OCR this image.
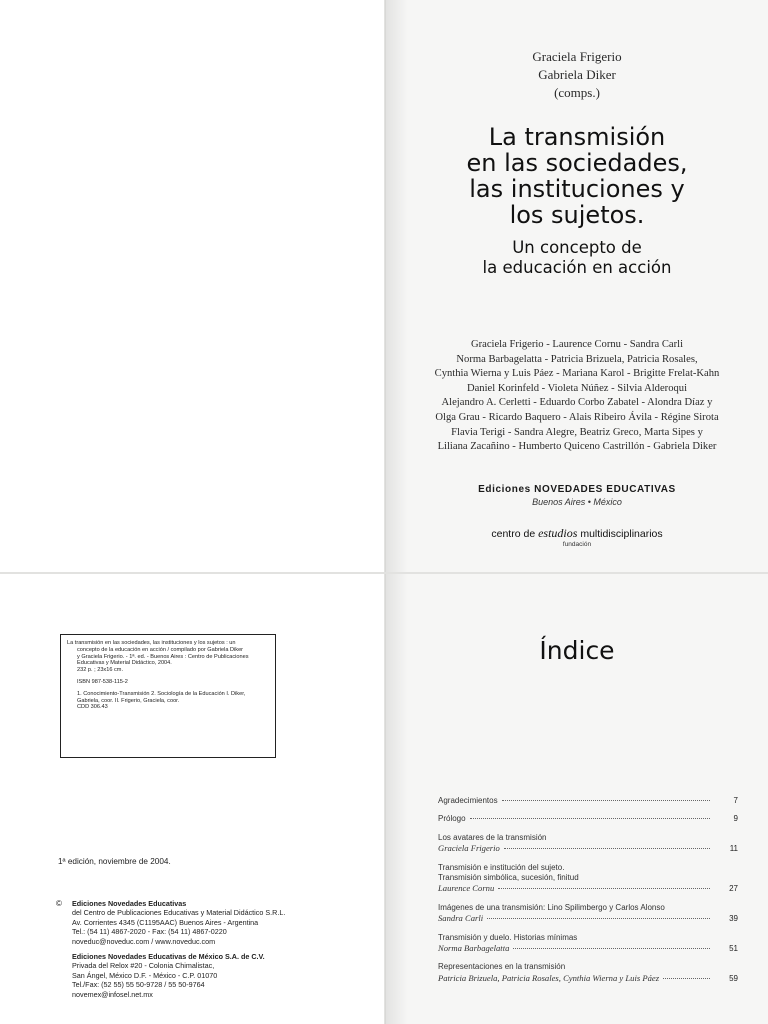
Graciela Frigerio
Gabriela Diker
(comps.)
La transmisión
en las sociedades,
las instituciones y
los sujetos.
Un concepto de
la educación en acción
Graciela Frigerio - Laurence Cornu - Sandra Carli
Norma Barbagelatta - Patricia Brizuela, Patricia Rosales,
Cynthia Wierna y Luis Páez - Mariana Karol - Brigitte Frelat-Kahn
Daniel Korinfeld - Violeta Núñez - Silvia Alderoqui
Alejandro A. Cerletti - Eduardo Corbo Zabatel - Alondra Díaz y
Olga Grau - Ricardo Baquero - Alais Ribeiro Ávila - Régine Sirota
Flavia Terigi - Sandra Alegre, Beatriz Greco, Marta Sipes y
Liliana Zacañino - Humberto Quiceno Castrillón - Gabriela Diker
Ediciones NOVEDADES EDUCATIVAS
Buenos Aires • México
centro de estudios multidisciplinarios
fundación
La transmisión en las sociedades, las instituciones y los sujetos : un
concepto de la educación en acción / compilado por Gabriela Diker
y Graciela Frigerio. - 1ª. ed. - Buenos Aires : Centro de Publicaciones
Educativas y Material Didáctico, 2004.
232 p. ; 23x16 cm.
ISBN 987-538-115-2
1. Conocimiento-Transmisión 2. Sociología de la Educación I. Diker,
Gabriela, coor. II. Frigerio, Graciela, coor.
CDD 306.43
1ª edición, noviembre de 2004.
© Ediciones Novedades Educativas
del Centro de Publicaciones Educativas y Material Didáctico S.R.L.
Av. Corrientes 4345 (C1195AAC) Buenos Aires - Argentina
Tel.: (54 11) 4867-2020 - Fax: (54 11) 4867-0220
noveduc@noveduc.com / www.noveduc.com
Ediciones Novedades Educativas de México S.A. de C.V.
Privada del Relox #20 - Colonia Chimalistac,
San Ángel, México D.F. - México - C.P. 01070
Tel./Fax: (52 55) 55 50-9728 / 55 50-9764
novemex@infosel.net.mx
Índice
Agradecimientos	7
Prólogo	9
Los avatares de la transmisión
Graciela Frigerio	11
Transmisión e institución del sujeto.
Transmisión simbólica, sucesión, finitud
Laurence Cornu	27
Imágenes de una transmisión: Lino Spilimbergo y Carlos Alonso
Sandra Carli	39
Transmisión y duelo. Historias mínimas
Norma Barbagelatta	51
Representaciones en la transmisión
Patricia Brizuela, Patricia Rosales, Cynthia Wierna y Luis Páez	59
